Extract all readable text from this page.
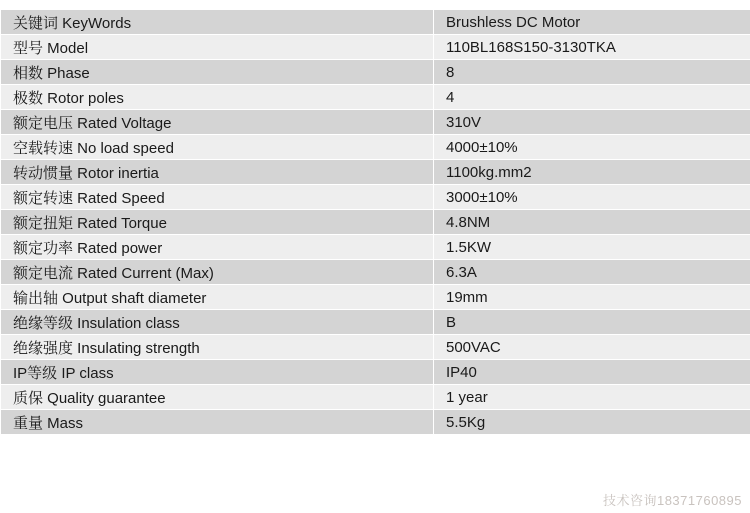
关键词 KeyWords	Brushless DC Motor
型号 Model	110BL168S150-3130TKA
相数 Phase	8
极数 Rotor poles	4
额定电压 Rated Voltage	310V
空载转速 No load speed	4000±10%
转动惯量 Rotor inertia	1100kg.mm2
额定转速 Rated Speed	3000±10%
额定扭矩 Rated Torque	4.8NM
额定功率 Rated power	1.5KW
额定电流 Rated Current (Max)	6.3A
输出轴 Output shaft diameter	19mm
绝缘等级 Insulation class	B
绝缘强度 Insulating strength	500VAC
IP等级 IP class	IP40
质保 Quality guarantee	1 year
重量 Mass	5.5Kg
技术咨询18371760895
